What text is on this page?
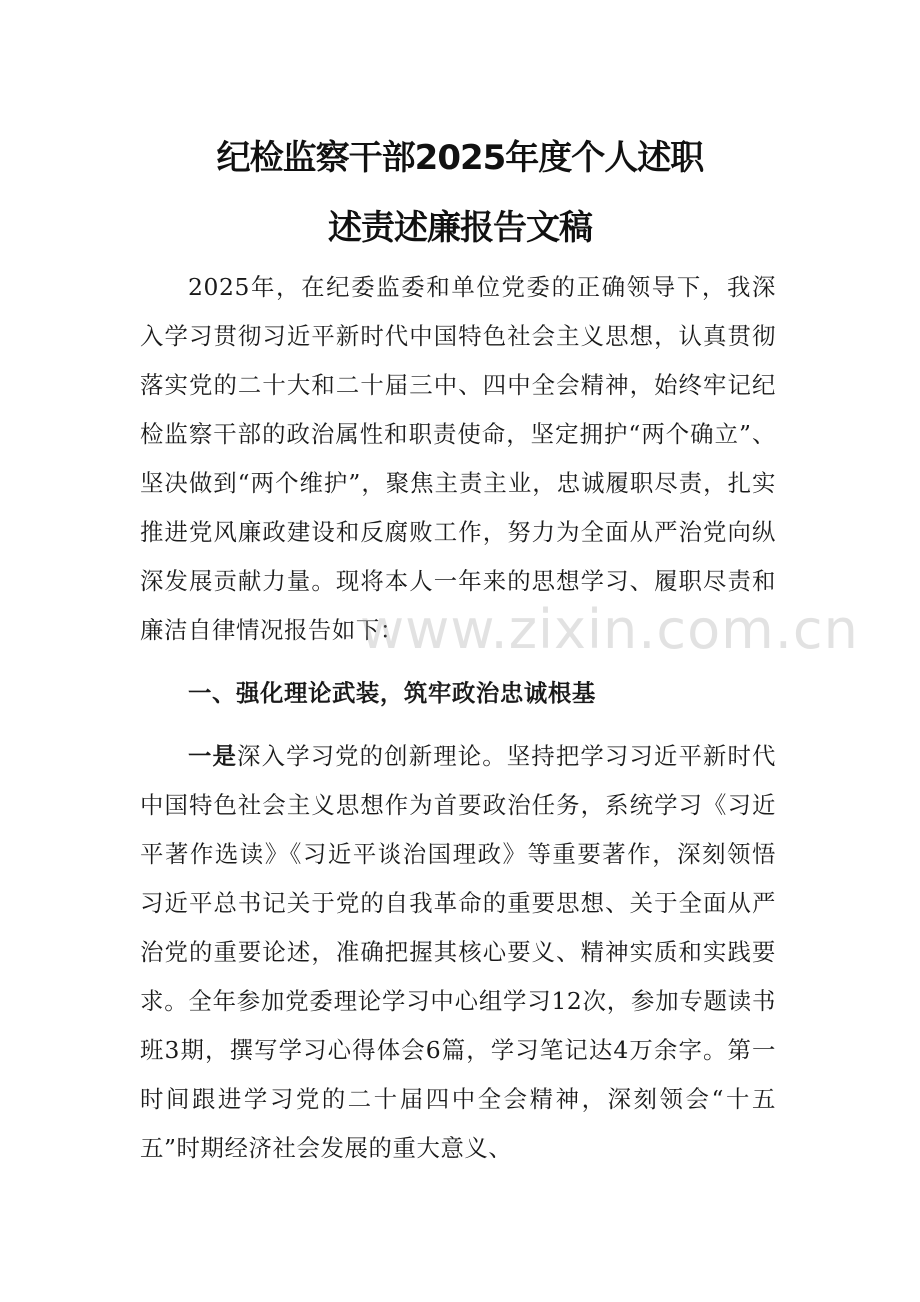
纪检监察干部2025年度个人述职
述责述廉报告文稿

2025年，在纪委监委和单位党委的正确领导下，我深入学习贯彻习近平新时代中国特色社会主义思想，认真贯彻落实党的二十大和二十届三中、四中全会精神，始终牢记纪检监察干部的政治属性和职责使命，坚定拥护“两个确立”、坚决做到“两个维护”，聚焦主责主业，忠诚履职尽责，扎实推进党风廉政建设和反腐败工作，努力为全面从严治党向纵深发展贡献力量。现将本人一年来的思想学习、履职尽责和廉洁自律情况报告如下：

一、强化理论武装，筑牢政治忠诚根基

一是深入学习党的创新理论。坚持把学习习近平新时代中国特色社会主义思想作为首要政治任务，系统学习《习近平著作选读》《习近平谈治国理政》等重要著作，深刻领悟习近平总书记关于党的自我革命的重要思想、关于全面从严治党的重要论述，准确把握其核心要义、精神实质和实践要求。全年参加党委理论学习中心组学习12次，参加专题读书班3期，撰写学习心得体会6篇，学习笔记达4万余字。第一时间跟进学习党的二十届四中全会精神，深刻领会“十五五”时期经济社会发展的重大意义、

www.zixin.com.cn
